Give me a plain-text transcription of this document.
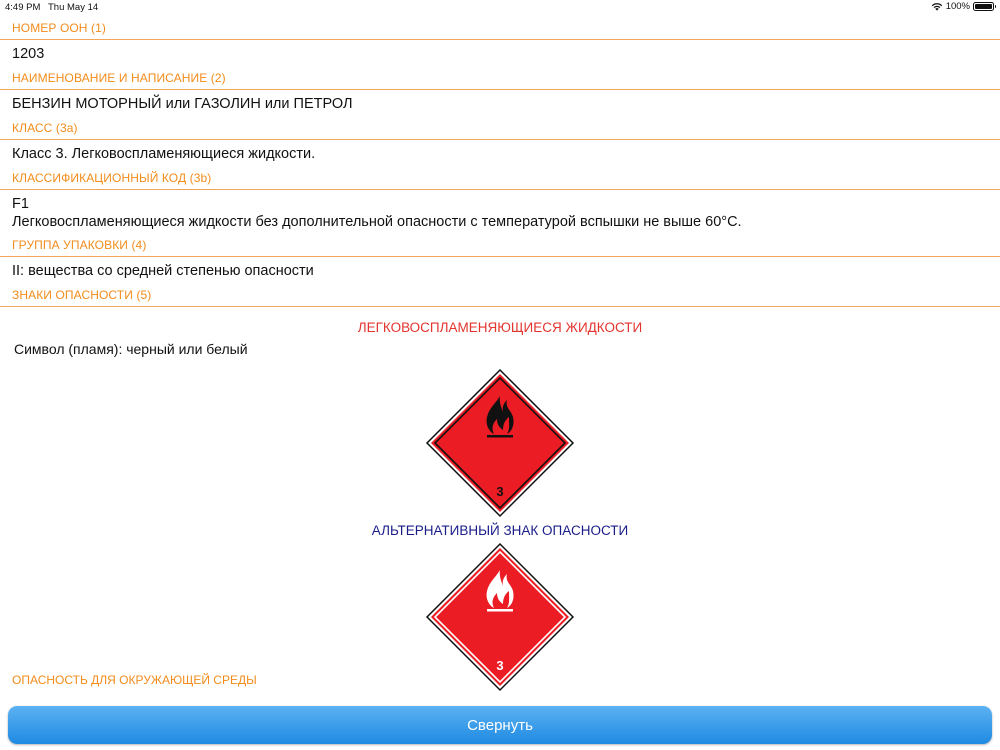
4:49 PM Thu May 14	100%
НОМЕР ООН (1)
1203
НАИМЕНОВАНИЕ И НАПИСАНИЕ (2)
БЕНЗИН МОТОРНЫЙ или ГАЗОЛИН или ПЕТРОЛ
КЛАСС (3а)
Класс 3. Легковоспламеняющиеся жидкости.
КЛАССИФИКАЦИОННЫЙ КОД (3b)
F1
Легковоспламеняющиеся жидкости без дополнительной опасности с температурой вспышки не выше 60°C.
ГРУППА УПАКОВКИ (4)
II: вещества со средней степенью опасности
ЗНАКИ ОПАСНОСТИ (5)
ЛЕГКОВОСПЛАМЕНЯЮЩИЕСЯ ЖИДКОСТИ
Символ (пламя): черный или белый
3
АЛЬТЕРНАТИВНЫЙ ЗНАК ОПАСНОСТИ
3
ОПАСНОСТЬ ДЛЯ ОКРУЖАЮЩЕЙ СРЕДЫ
Свернуть
